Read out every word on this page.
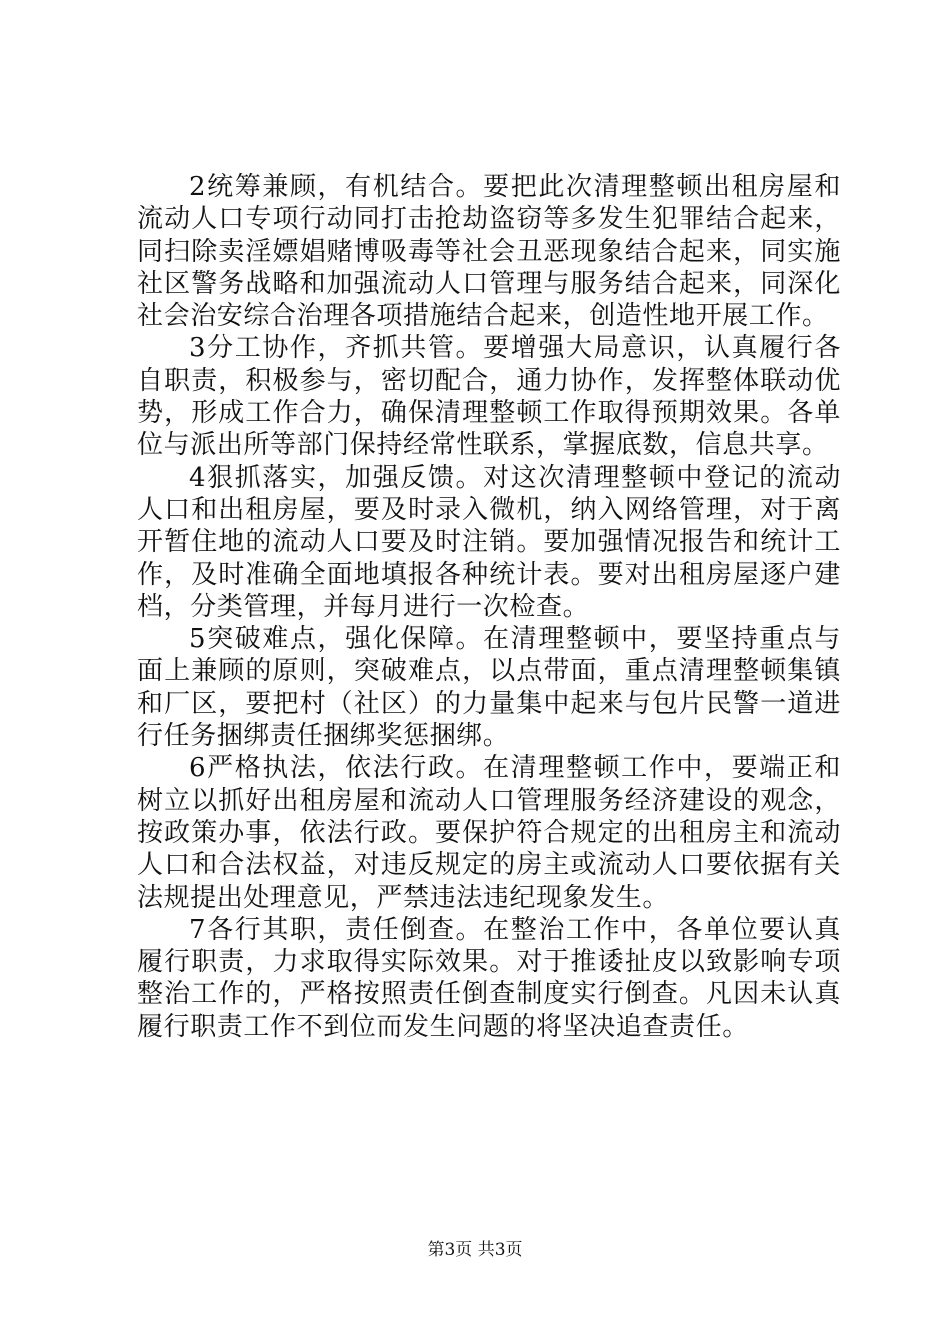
2统筹兼顾，有机结合。要把此次清理整顿出租房屋和流动人口专项行动同打击抢劫盗窃等多发生犯罪结合起来，同扫除卖淫嫖娼赌博吸毒等社会丑恶现象结合起来，同实施社区警务战略和加强流动人口管理与服务结合起来，同深化社会治安综合治理各项措施结合起来，创造性地开展工作。

3分工协作，齐抓共管。要增强大局意识，认真履行各自职责，积极参与，密切配合，通力协作，发挥整体联动优势，形成工作合力，确保清理整顿工作取得预期效果。各单位与派出所等部门保持经常性联系，掌握底数，信息共享。

4狠抓落实，加强反馈。对这次清理整顿中登记的流动人口和出租房屋，要及时录入微机，纳入网络管理，对于离开暂住地的流动人口要及时注销。要加强情况报告和统计工作，及时准确全面地填报各种统计表。要对出租房屋逐户建档，分类管理，并每月进行一次检查。

5突破难点，强化保障。在清理整顿中，要坚持重点与面上兼顾的原则，突破难点，以点带面，重点清理整顿集镇和厂区，要把村（社区）的力量集中起来与包片民警一道进行任务捆绑责任捆绑奖惩捆绑。

6严格执法，依法行政。在清理整顿工作中，要端正和树立以抓好出租房屋和流动人口管理服务经济建设的观念，按政策办事，依法行政。要保护符合规定的出租房主和流动人口和合法权益，对违反规定的房主或流动人口要依据有关法规提出处理意见，严禁违法违纪现象发生。

7各行其职，责任倒查。在整治工作中，各单位要认真履行职责，力求取得实际效果。对于推诿扯皮以致影响专项整治工作的，严格按照责任倒查制度实行倒查。凡因未认真履行职责工作不到位而发生问题的将坚决追查责任。

第3页 共3页
